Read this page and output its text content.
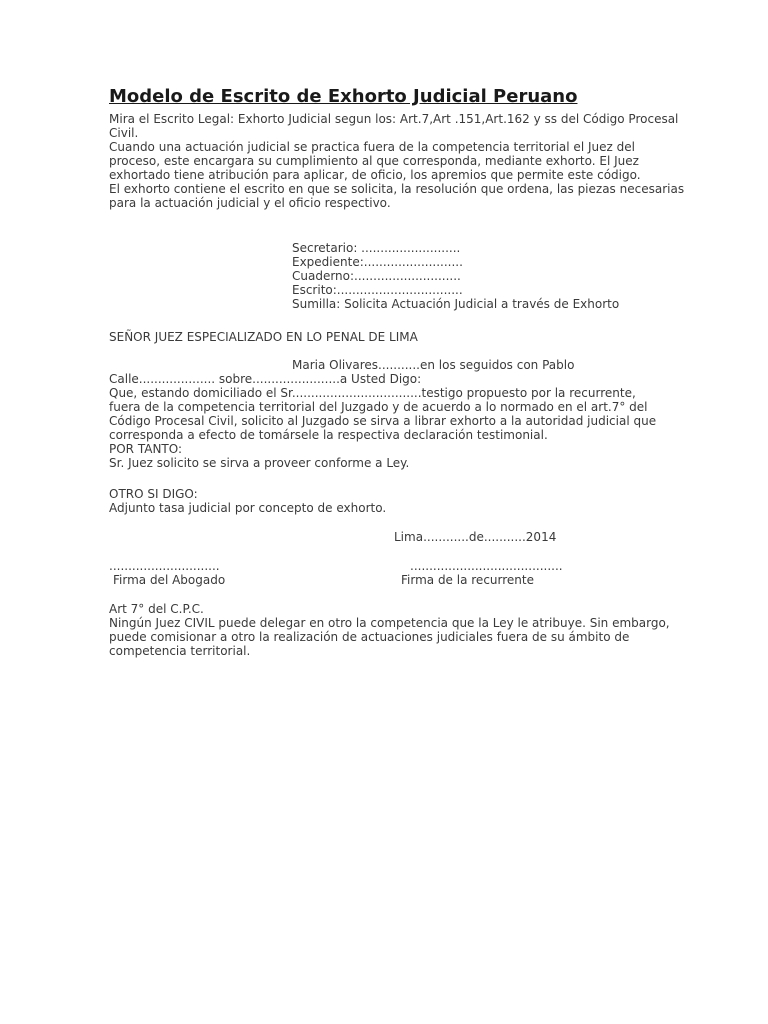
Modelo de Escrito de Exhorto Judicial Peruano
Mira el Escrito Legal: Exhorto Judicial segun los: Art.7,Art .151,Art.162 y ss del Código Procesal
Civil.
Cuando una actuación judicial se practica fuera de la competencia territorial el Juez del
proceso, este encargara su cumplimiento al que corresponda, mediante exhorto. El Juez
exhortado tiene atribución para aplicar, de oficio, los apremios que permite este código.
El exhorto contiene el escrito en que se solicita, la resolución que ordena, las piezas necesarias
para la actuación judicial y el oficio respectivo.
Secretario: ..........................
Expediente:..........................
Cuaderno:............................
Escrito:.................................
Sumilla: Solicita Actuación Judicial a través de Exhorto
SEÑOR JUEZ ESPECIALIZADO EN LO PENAL DE LIMA
Maria Olivares...........en los seguidos con Pablo
Calle.................... sobre.......................a Usted Digo:
Que, estando domiciliado el Sr..................................testigo propuesto por la recurrente,
fuera de la competencia territorial del Juzgado y de acuerdo a lo normado en el art.7° del
Código Procesal Civil, solicito al Juzgado se sirva a librar exhorto a la autoridad judicial que
corresponda a efecto de tomársele la respectiva declaración testimonial.
POR TANTO:
Sr. Juez solicito se sirva a proveer conforme a Ley.
OTRO SI DIGO:
Adjunto tasa judicial por concepto de exhorto.
Lima............de...........2014
.............................	........................................
Firma del Abogado	Firma de la recurrente
Art 7° del C.P.C.
Ningún Juez CIVIL puede delegar en otro la competencia que la Ley le atribuye. Sin embargo,
puede comisionar a otro la realización de actuaciones judiciales fuera de su ámbito de
competencia territorial.
